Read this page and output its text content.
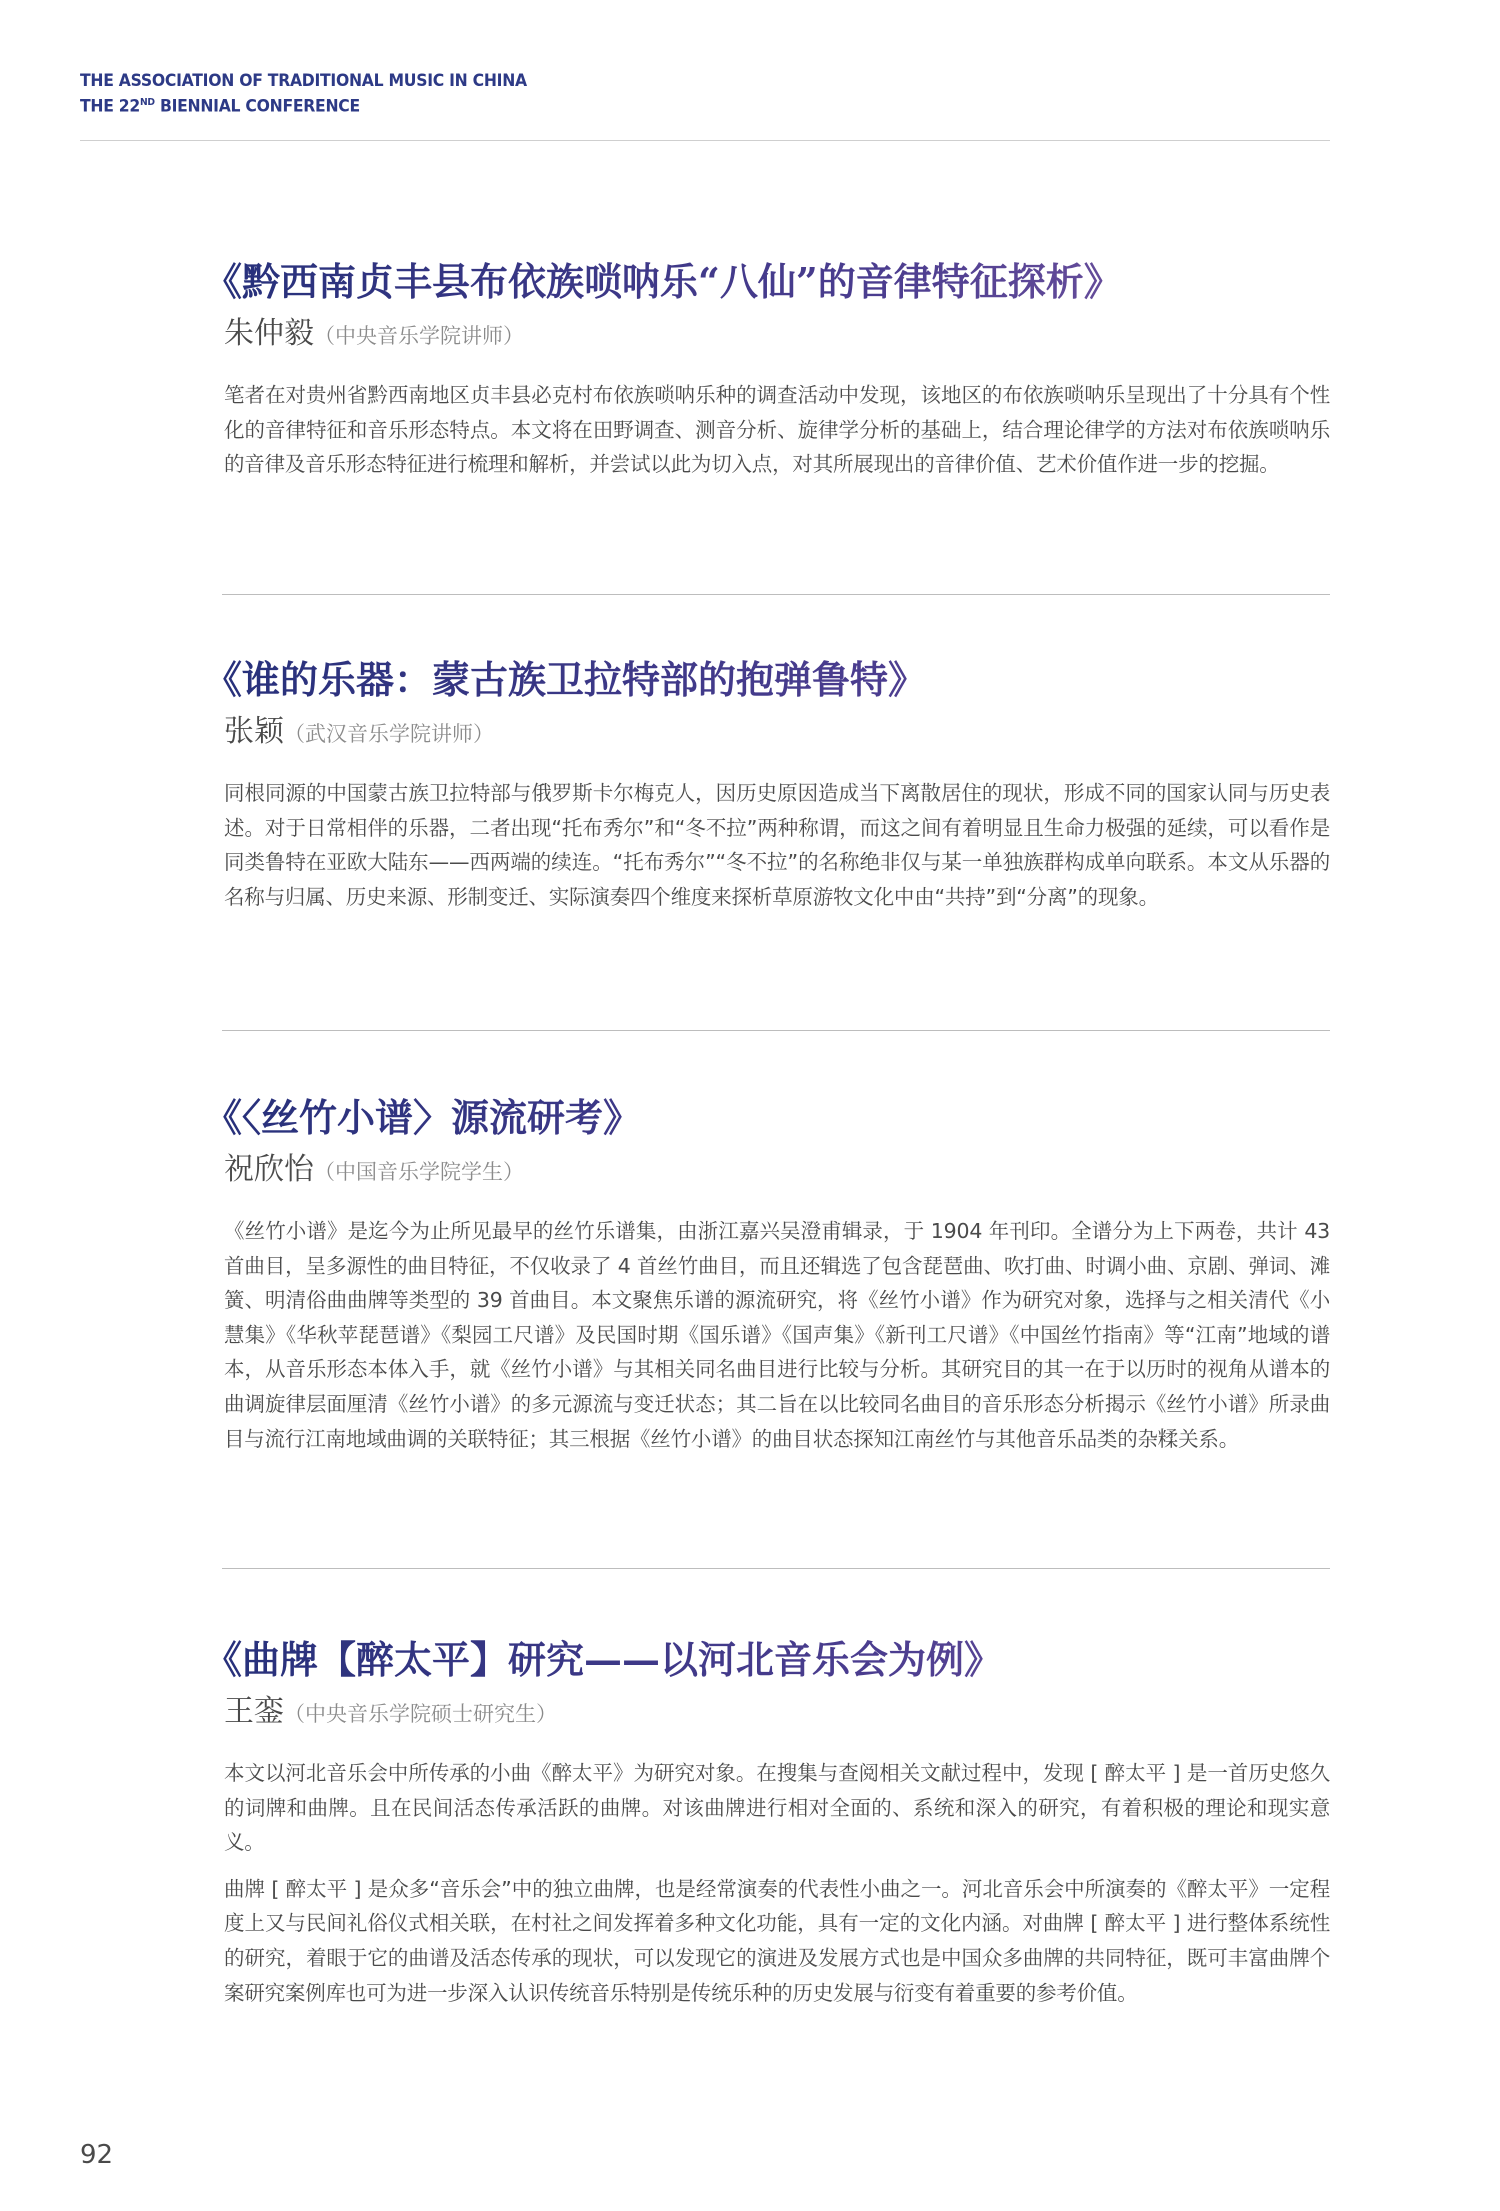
THE ASSOCIATION OF TRADITIONAL MUSIC IN CHINA
THE 22ND BIENNIAL CONFERENCE
《黔西南贞丰县布依族唢呐乐“八仙”的音律特征探析》
朱仲毅（中央音乐学院讲师）

笔者在对贵州省黔西南地区贞丰县必克村布依族唢呐乐种的调查活动中发现，该地区的布依族唢呐乐呈现出了十分具有个性化的音律特征和音乐形态特点。本文将在田野调查、测音分析、旋律学分析的基础上，结合理论律学的方法对布依族唢呐乐的音律及音乐形态特征进行梳理和解析，并尝试以此为切入点，对其所展现出的音律价值、艺术价值作进一步的挖掘。

《谁的乐器：蒙古族卫拉特部的抱弹鲁特》
张颖（武汉音乐学院讲师）

同根同源的中国蒙古族卫拉特部与俄罗斯卡尔梅克人，因历史原因造成当下离散居住的现状，形成不同的国家认同与历史表述。对于日常相伴的乐器，二者出现“托布秀尔”和“冬不拉”两种称谓，而这之间有着明显且生命力极强的延续，可以看作是同类鲁特在亚欧大陆东——西两端的续连。“托布秀尔”“冬不拉”的名称绝非仅与某一单独族群构成单向联系。本文从乐器的名称与归属、历史来源、形制变迁、实际演奏四个维度来探析草原游牧文化中由“共持”到“分离”的现象。

《〈丝竹小谱〉源流研考》
祝欣怡（中国音乐学院学生）

《丝竹小谱》是迄今为止所见最早的丝竹乐谱集，由浙江嘉兴吴澄甫辑录，于 1904 年刊印。全谱分为上下两卷，共计 43 首曲目，呈多源性的曲目特征，不仅收录了 4 首丝竹曲目，而且还辑选了包含琵琶曲、吹打曲、时调小曲、京剧、弹词、滩簧、明清俗曲曲牌等类型的 39 首曲目。本文聚焦乐谱的源流研究，将《丝竹小谱》作为研究对象，选择与之相关清代《小慧集》《华秋苹琵琶谱》《梨园工尺谱》及民国时期《国乐谱》《国声集》《新刊工尺谱》《中国丝竹指南》等“江南”地域的谱本，从音乐形态本体入手，就《丝竹小谱》与其相关同名曲目进行比较与分析。其研究目的其一在于以历时的视角从谱本的曲调旋律层面厘清《丝竹小谱》的多元源流与变迁状态；其二旨在以比较同名曲目的音乐形态分析揭示《丝竹小谱》所录曲目与流行江南地域曲调的关联特征；其三根据《丝竹小谱》的曲目状态探知江南丝竹与其他音乐品类的杂糅关系。

《曲牌【醉太平】研究——以河北音乐会为例》
王銮（中央音乐学院硕士研究生）

本文以河北音乐会中所传承的小曲《醉太平》为研究对象。在搜集与查阅相关文献过程中，发现 [ 醉太平 ] 是一首历史悠久的词牌和曲牌。且在民间活态传承活跃的曲牌。对该曲牌进行相对全面的、系统和深入的研究，有着积极的理论和现实意义。

曲牌 [ 醉太平 ] 是众多“音乐会”中的独立曲牌，也是经常演奏的代表性小曲之一。河北音乐会中所演奏的《醉太平》一定程度上又与民间礼俗仪式相关联，在村社之间发挥着多种文化功能，具有一定的文化内涵。对曲牌 [ 醉太平 ] 进行整体系统性的研究，着眼于它的曲谱及活态传承的现状，可以发现它的演进及发展方式也是中国众多曲牌的共同特征，既可丰富曲牌个案研究案例库也可为进一步深入认识传统音乐特别是传统乐种的历史发展与衍变有着重要的参考价值。

92
